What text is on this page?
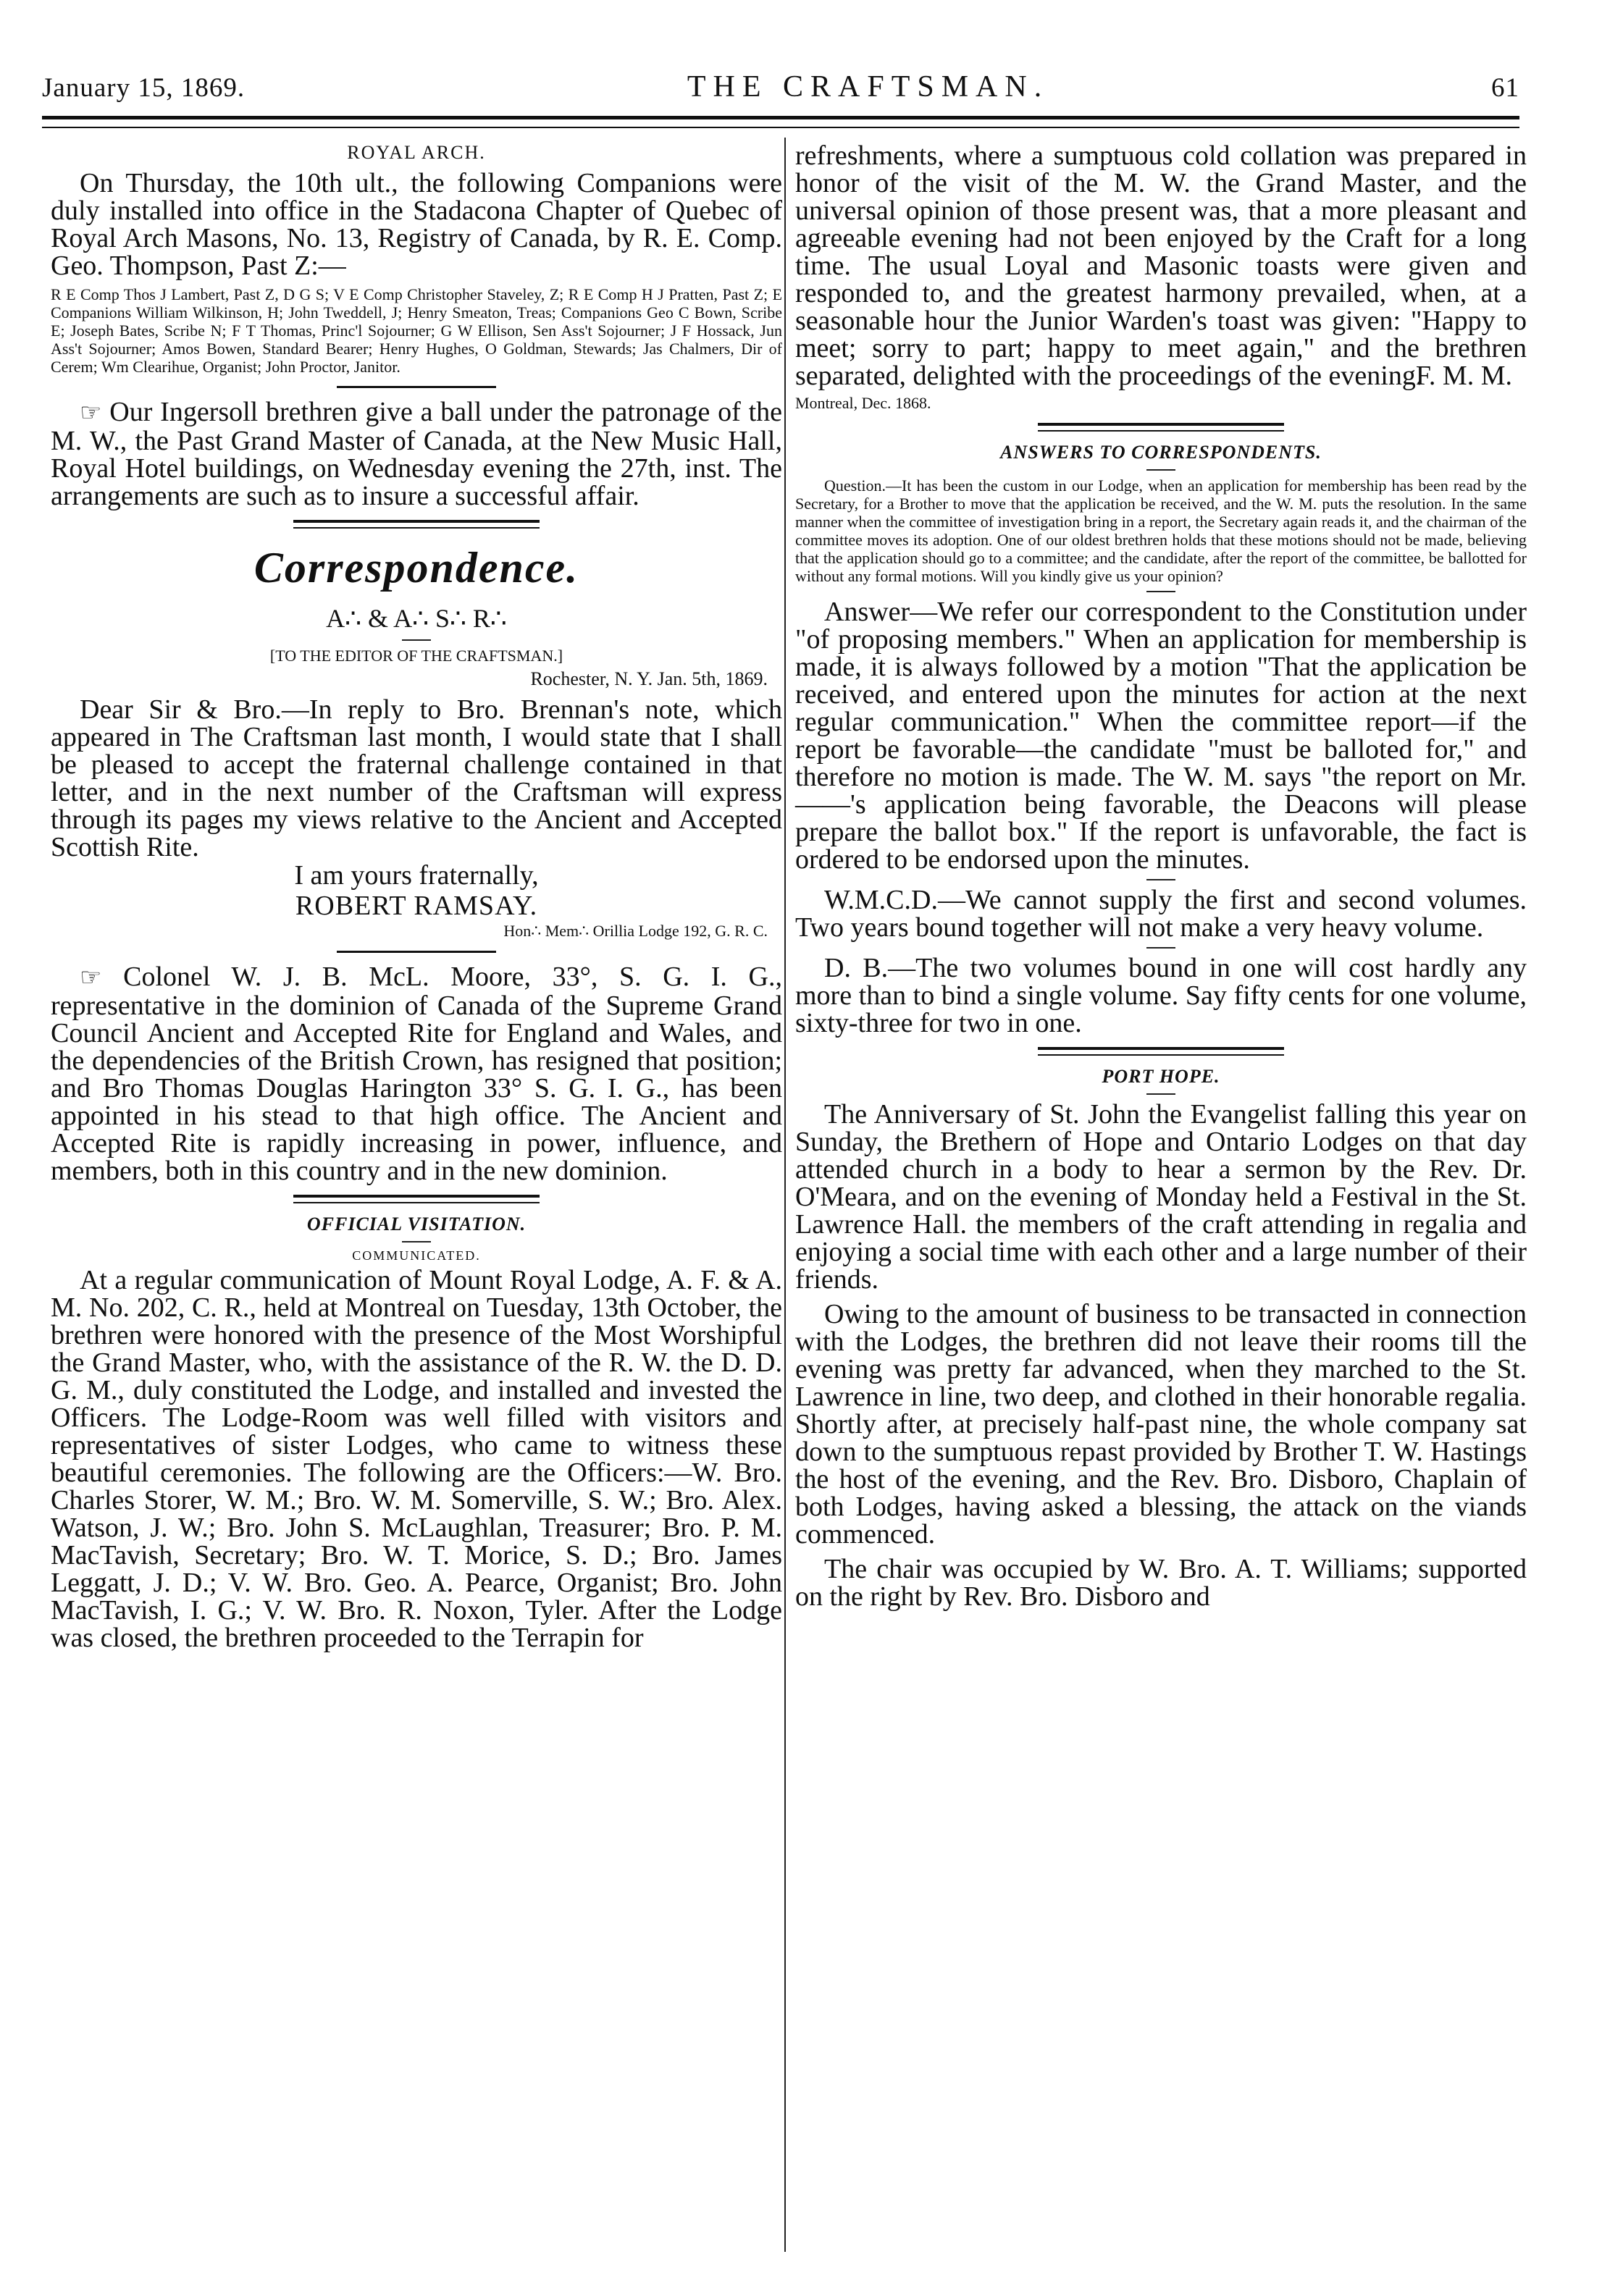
January 15, 1869.	THE CRAFTSMAN.	61
ROYAL ARCH.

On Thursday, the 10th ult., the following Companions were duly installed into office in the Stadacona Chapter of Quebec of Royal Arch Masons, No. 13, Registry of Canada, by R. E. Comp. Geo. Thompson, Past Z:—

R E Comp Thos J Lambert, Past Z, D G S; V E Comp Christopher Staveley, Z; R E Comp H J Pratten, Past Z; E Companions William Wilkinson, H; John Tweddell, J; Henry Smeaton, Treas; Companions Geo C Bown, Scribe E; Joseph Bates, Scribe N; F T Thomas, Princ'l Sojourner; G W Ellison, Sen Ass't Sojourner; J F Hossack, Jun Ass't Sojourner; Amos Bowen, Standard Bearer; Henry Hughes, O Goldman, Stewards; Jas Chalmers, Dir of Cerem; Wm Clearihue, Organist; John Proctor, Janitor.

☞ Our Ingersoll brethren give a ball under the patronage of the M. W., the Past Grand Master of Canada, at the New Music Hall, Royal Hotel buildings, on Wednesday evening the 27th, inst. The arrangements are such as to insure a successful affair.

Correspondence.
A∴ & A∴ S∴ R∴
[TO THE EDITOR OF THE CRAFTSMAN.]
Rochester, N. Y. Jan. 5th, 1869.

Dear Sir & Bro.—In reply to Bro. Brennan's note, which appeared in The Craftsman last month, I would state that I shall be pleased to accept the fraternal challenge contained in that letter, and in the next number of the Craftsman will express through its pages my views relative to the Ancient and Accepted Scottish Rite.

I am yours fraternally,
ROBERT RAMSAY.
Hon∴ Mem∴ Orillia Lodge 192, G. R. C.

☞ Colonel W. J. B. McL. Moore, 33°, S. G. I. G., representative in the dominion of Canada of the Supreme Grand Council Ancient and Accepted Rite for England and Wales, and the dependencies of the British Crown, has resigned that position; and Bro Thomas Douglas Harington 33° S. G. I. G., has been appointed in his stead to that high office. The Ancient and Accepted Rite is rapidly increasing in power, influence, and members, both in this country and in the new dominion.

OFFICIAL VISITATION.
COMMUNICATED.

At a regular communication of Mount Royal Lodge, A. F. & A. M. No. 202, C. R., held at Montreal on Tuesday, 13th October, the brethren were honored with the presence of the Most Worshipful the Grand Master, who, with the assistance of the R. W. the D. D. G. M., duly constituted the Lodge, and installed and invested the Officers. The Lodge-Room was well filled with visitors and representatives of sister Lodges, who came to witness these beautiful ceremonies. The following are the Officers:—W. Bro. Charles Storer, W. M.; Bro. W. M. Somerville, S. W.; Bro. Alex. Watson, J. W.; Bro. John S. McLaughlan, Treasurer; Bro. P. M. MacTavish, Secretary; Bro. W. T. Morice, S. D.; Bro. James Leggatt, J. D.; V. W. Bro. Geo. A. Pearce, Organist; Bro. John MacTavish, I. G.; V. W. Bro. R. Noxon, Tyler. After the Lodge was closed, the brethren proceeded to the Terrapin for

refreshments, where a sumptuous cold collation was prepared in honor of the visit of the M. W. the Grand Master, and the universal opinion of those present was, that a more pleasant and agreeable evening had not been enjoyed by the Craft for a long time. The usual Loyal and Masonic toasts were given and responded to, and the greatest harmony prevailed, when, at a seasonable hour the Junior Warden's toast was given: "Happy to meet; sorry to part; happy to meet again," and the brethren separated, delighted with the proceedings of the evening.

F. M. M.
Montreal, Dec. 1868.
ANSWERS TO CORRESPONDENTS.

Question.—It has been the custom in our Lodge, when an application for membership has been read by the Secretary, for a Brother to move that the application be received, and the W. M. puts the resolution. In the same manner when the committee of investigation bring in a report, the Secretary again reads it, and the chairman of the committee moves its adoption. One of our oldest brethren holds that these motions should not be made, believing that the application should go to a committee; and the candidate, after the report of the committee, be ballotted for without any formal motions. Will you kindly give us your opinion?

Answer—We refer our correspondent to the Constitution under "of proposing members." When an application for membership is made, it is always followed by a motion "That the application be received, and entered upon the minutes for action at the next regular communication." When the committee report—if the report be favorable—the candidate "must be balloted for," and therefore no motion is made. The W. M. says "the report on Mr. ——'s application being favorable, the Deacons will please prepare the ballot box." If the report is unfavorable, the fact is ordered to be endorsed upon the minutes.

W.M.C.D.—We cannot supply the first and second volumes. Two years bound together will not make a very heavy volume.

D. B.—The two volumes bound in one will cost hardly any more than to bind a single volume. Say fifty cents for one volume, sixty-three for two in one.

PORT HOPE.

The Anniversary of St. John the Evangelist falling this year on Sunday, the Brethern of Hope and Ontario Lodges on that day attended church in a body to hear a sermon by the Rev. Dr. O'Meara, and on the evening of Monday held a Festival in the St. Lawrence Hall. the members of the craft attending in regalia and enjoying a social time with each other and a large number of their friends.

Owing to the amount of business to be transacted in connection with the Lodges, the brethren did not leave their rooms till the evening was pretty far advanced, when they marched to the St. Lawrence in line, two deep, and clothed in their honorable regalia. Shortly after, at precisely half-past nine, the whole company sat down to the sumptuous repast provided by Brother T. W. Hastings the host of the evening, and the Rev. Bro. Disboro, Chaplain of both Lodges, having asked a blessing, the attack on the viands commenced.

The chair was occupied by W. Bro. A. T. Williams; supported on the right by Rev. Bro. Disboro and
